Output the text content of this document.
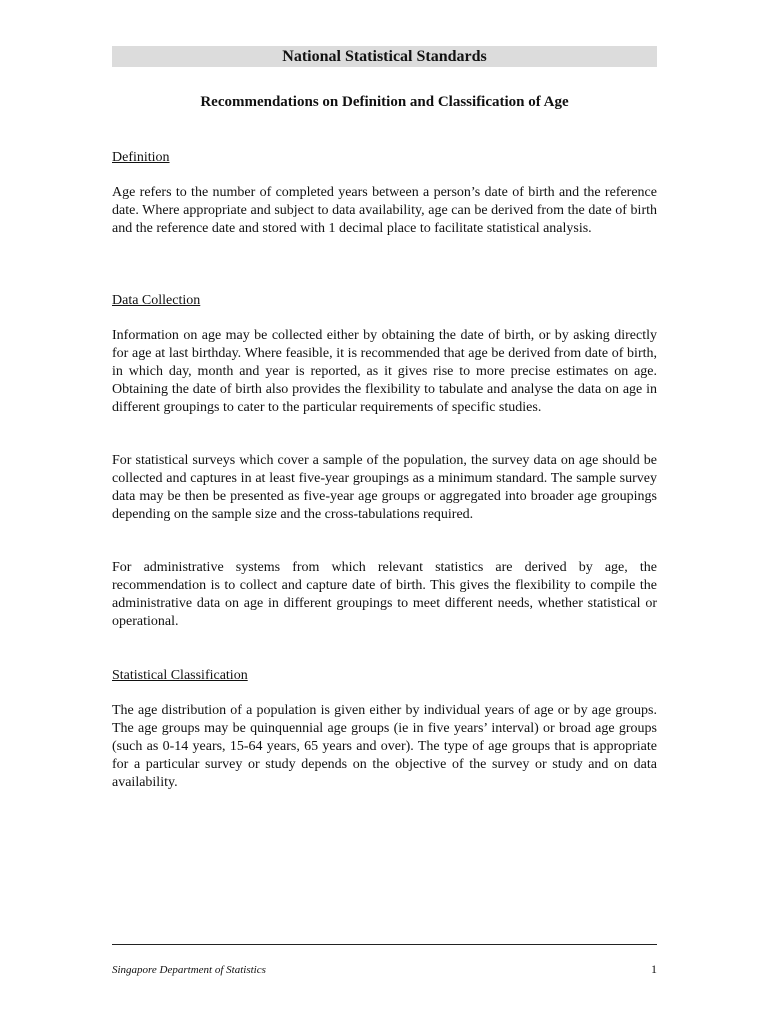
National Statistical Standards
Recommendations on Definition and Classification of Age
Definition
Age refers to the number of completed years between a person’s date of birth and the reference date. Where appropriate and subject to data availability, age can be derived from the date of birth and the reference date and stored with 1 decimal place to facilitate statistical analysis.
Data Collection
Information on age may be collected either by obtaining the date of birth, or by asking directly for age at last birthday. Where feasible, it is recommended that age be derived from date of birth, in which day, month and year is reported, as it gives rise to more precise estimates on age. Obtaining the date of birth also provides the flexibility to tabulate and analyse the data on age in different groupings to cater to the particular requirements of specific studies.
For statistical surveys which cover a sample of the population, the survey data on age should be collected and captures in at least five-year groupings as a minimum standard. The sample survey data may be then be presented as five-year age groups or aggregated into broader age groupings depending on the sample size and the cross-tabulations required.
For administrative systems from which relevant statistics are derived by age, the recommendation is to collect and capture date of birth. This gives the flexibility to compile the administrative data on age in different groupings to meet different needs, whether statistical or operational.
Statistical Classification
The age distribution of a population is given either by individual years of age or by age groups. The age groups may be quinquennial age groups (ie in five years’ interval) or broad age groups (such as 0-14 years, 15-64 years, 65 years and over). The type of age groups that is appropriate for a particular survey or study depends on the objective of the survey or study and on data availability.
Singapore Department of Statistics	1
